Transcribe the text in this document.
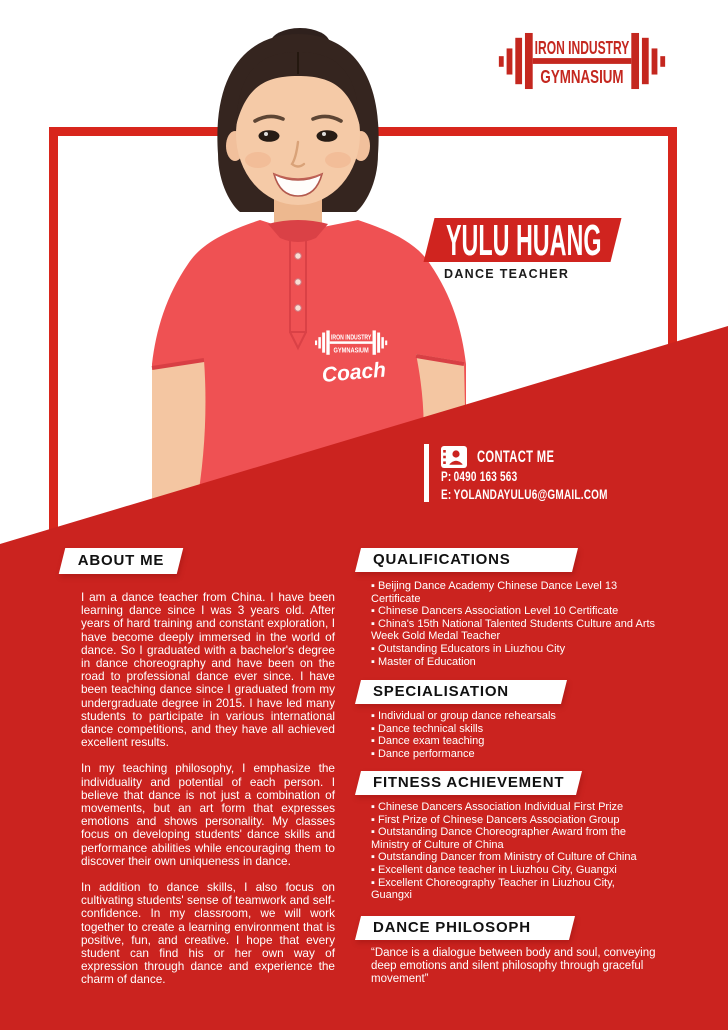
IRON INDUSTRY
GYMNASIUM
Coach
IRON INDUSTRY
GYMNASIUM
YULU HUANG
DANCE TEACHER
CONTACT ME
P: 0490 163 563
E: YOLANDAYULU6@GMAIL.COM
ABOUT ME

I am a dance teacher from China. I have been learning dance since I was 3 years old. After years of hard training and constant exploration, I have become deeply immersed in the world of dance. So I graduated with a bachelor's degree in dance choreography and have been on the road to professional dance ever since. I have been teaching dance since I graduated from my undergraduate degree in 2015. I have led many students to participate in various international dance competitions, and they have all achieved excellent results.

In my teaching philosophy, I emphasize the individuality and potential of each person. I believe that dance is not just a combination of movements, but an art form that expresses emotions and shows personality. My classes focus on developing students' dance skills and performance abilities while encouraging them to discover their own uniqueness in dance.

In addition to dance skills, I also focus on cultivating students' sense of teamwork and self-confidence. In my classroom, we will work together to create a learning environment that is positive, fun, and creative. I hope that every student can find his or her own way of expression through dance and experience the charm of dance.

QUALIFICATIONS
▪ Beijing Dance Academy Chinese Dance Level 13 Certificate
▪ Chinese Dancers Association Level 10 Certificate
▪ China's 15th National Talented Students Culture and Arts Week Gold Medal Teacher
▪ Outstanding Educators in Liuzhou City
▪ Master of Education
SPECIALISATION
▪ Individual or group dance rehearsals
▪ Dance technical skills
▪ Dance exam teaching
▪ Dance performance
FITNESS ACHIEVEMENT
▪ Chinese Dancers Association Individual First Prize
▪ First Prize of Chinese Dancers Association Group
▪ Outstanding Dance Choreographer Award from the Ministry of Culture of China
▪ Outstanding Dancer from Ministry of Culture of China
▪ Excellent dance teacher in Liuzhou City, Guangxi
▪ Excellent Choreography Teacher in Liuzhou City, Guangxi
DANCE PHILOSOPH
“Dance is a dialogue between body and soul, conveying deep emotions and silent philosophy through graceful movement”
